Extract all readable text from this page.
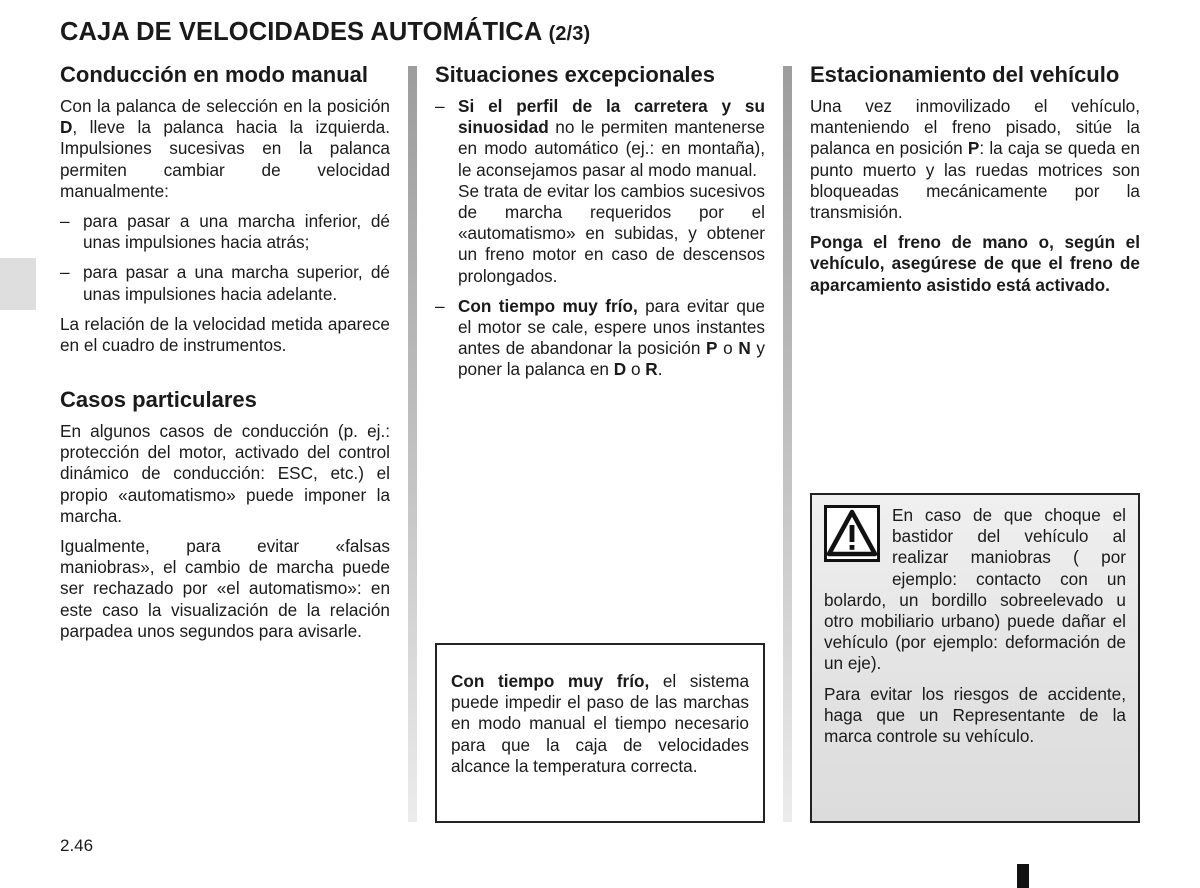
CAJA DE VELOCIDADES AUTOMÁTICA (2/3)
Conducción en modo manual

Con la palanca de selección en la posición D, lleve la palanca hacia la izquierda. Impulsiones sucesivas en la palanca permiten cambiar de velocidad manualmente:

– para pasar a una marcha inferior, dé unas impulsiones hacia atrás;

– para pasar a una marcha superior, dé unas impulsiones hacia adelante.

La relación de la velocidad metida aparece en el cuadro de instrumentos.

Casos particulares

En algunos casos de conducción (p. ej.: protección del motor, activado del control dinámico de conducción: ESC, etc.) el propio «automatismo» puede imponer la marcha.

Igualmente, para evitar «falsas maniobras», el cambio de marcha puede ser rechazado por «el automatismo»: en este caso la visualización de la relación parpadea unos segundos para avisarle.

Situaciones excepcionales

– Si el perfil de la carretera y su sinuosidad no le permiten mantenerse en modo automático (ej.: en montaña), le aconsejamos pasar al modo manual.
Se trata de evitar los cambios sucesivos de marcha requeridos por el «automatismo» en subidas, y obtener un freno motor en caso de descensos prolongados.

– Con tiempo muy frío, para evitar que el motor se cale, espere unos instantes antes de abandonar la posición P o N y poner la palanca en D o R.

Con tiempo muy frío, el sistema puede impedir el paso de las marchas en modo manual el tiempo necesario para que la caja de velocidades alcance la temperatura correcta.

Estacionamiento del vehículo

Una vez inmovilizado el vehículo, manteniendo el freno pisado, sitúe la palanca en posición P: la caja se queda en punto muerto y las ruedas motrices son bloqueadas mecánicamente por la transmisión.

Ponga el freno de mano o, según el vehículo, asegúrese de que el freno de aparcamiento asistido está activado.

En caso de que choque el bastidor del vehículo al realizar maniobras ( por ejemplo: contacto con un bolardo, un bordillo sobreelevado u otro mobiliario urbano) puede dañar el vehículo (por ejemplo: deformación de un eje).

Para evitar los riesgos de accidente, haga que un Representante de la marca controle su vehículo.

2.46
